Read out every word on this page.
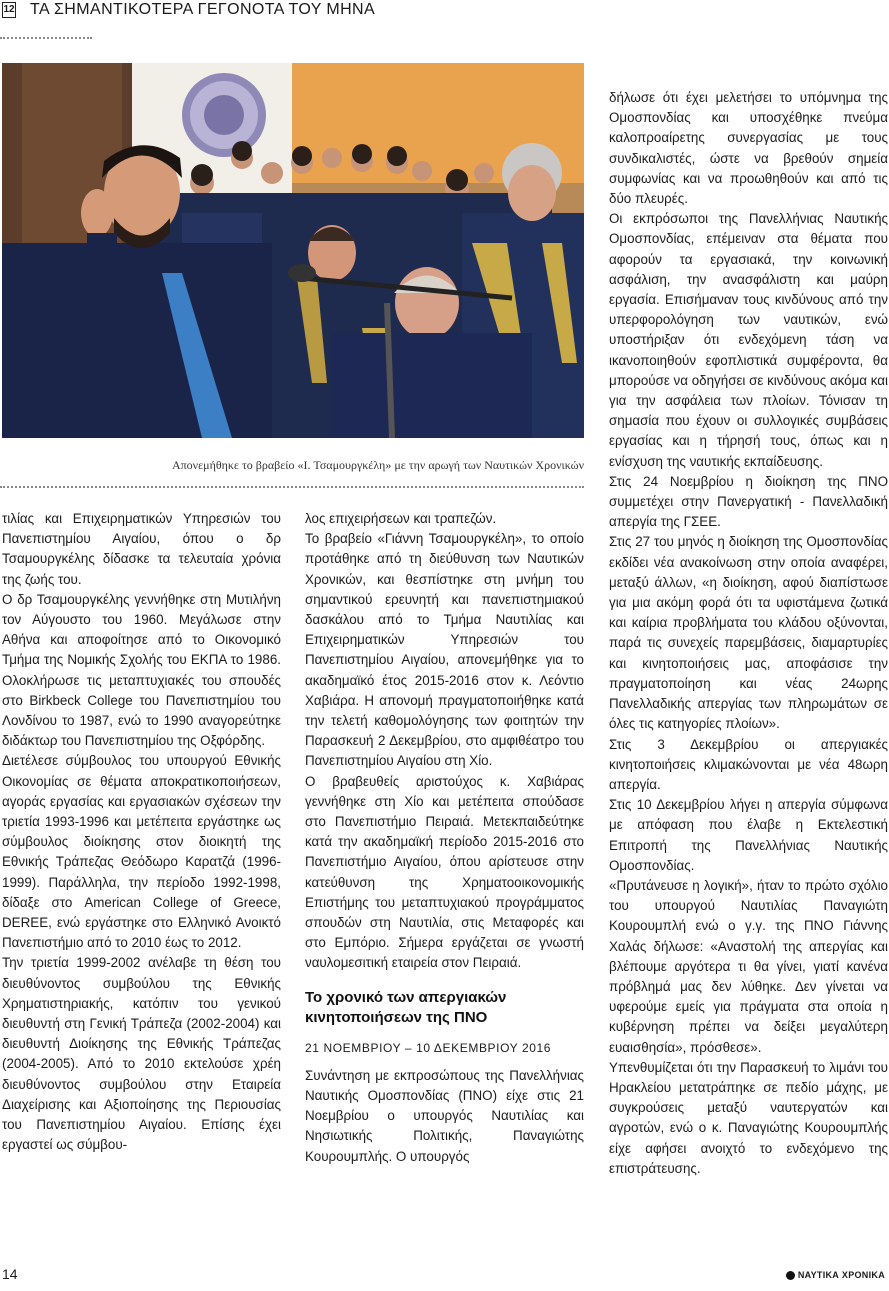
12 ΤΑ ΣΗΜΑΝΤΙΚΟΤΕΡΑ ΓΕΓΟΝΟΤΑ ΤΟΥ ΜΗΝΑ
Απονεμήθηκε το βραβείο «Ι. Τσαμουργκέλη» με την αρωγή των Ναυτικών Χρονικών

τιλίας και Επιχειρηματικών Υπηρεσιών του Πανεπιστημίου Αιγαίου, όπου ο δρ Τσαμουργκέλης δίδασκε τα τελευταία χρόνια της ζωής του.

Ο δρ Τσαμουργκέλης γεννήθηκε στη Μυτιλήνη τον Αύγουστο του 1960. Μεγάλωσε στην Αθήνα και αποφοίτησε από το Οικονομικό Τμήμα της Νομικής Σχολής του ΕΚΠΑ το 1986. Ολοκλήρωσε τις μεταπτυχιακές του σπουδές στο Birkbeck College του Πανεπιστημίου του Λονδίνου το 1987, ενώ το 1990 αναγορεύτηκε διδάκτωρ του Πανεπιστημίου της Οξφόρδης.

Διετέλεσε σύμβουλος του υπουργού Εθνικής Οικονομίας σε θέματα αποκρατικοποιήσεων, αγοράς εργασίας και εργασιακών σχέσεων την τριετία 1993-1996 και μετέπειτα εργάστηκε ως σύμβουλος διοίκησης στον διοικητή της Εθνικής Τράπεζας Θεόδωρο Καρατζά (1996-1999). Παράλληλα, την περίοδο 1992-1998, δίδαξε στο American College of Greece, DEREE, ενώ εργάστηκε στο Ελληνικό Ανοικτό Πανεπιστήμιο από το 2010 έως το 2012.

Την τριετία 1999-2002 ανέλαβε τη θέση του διευθύνοντος συμβούλου της Εθνικής Χρηματιστηριακής, κατόπιν του γενικού διευθυντή στη Γενική Τράπεζα (2002-2004) και διευθυντή Διοίκησης της Εθνικής Τράπεζας (2004-2005). Από το 2010 εκτελούσε χρέη διευθύνοντος συμβούλου στην Εταιρεία Διαχείρισης και Αξιοποίησης της Περιουσίας του Πανεπιστημίου Αιγαίου. Επίσης έχει εργαστεί ως σύμβου-

λος επιχειρήσεων και τραπεζών.

Το βραβείο «Γιάννη Τσαμουργκέλη», το οποίο προτάθηκε από τη διεύθυνση των Ναυτικών Χρονικών, και θεσπίστηκε στη μνήμη του σημαντικού ερευνητή και πανεπιστημιακού δασκάλου από το Τμήμα Ναυτιλίας και Επιχειρηματικών Υπηρεσιών του Πανεπιστημίου Αιγαίου, απονεμήθηκε για το ακαδημαϊκό έτος 2015-2016 στον κ. Λεόντιο Χαβιάρα. Η απονομή πραγματοποιήθηκε κατά την τελετή καθομολόγησης των φοιτητών την Παρασκευή 2 Δεκεμβρίου, στο αμφιθέατρο του Πανεπιστημίου Αιγαίου στη Χίο.

Ο βραβευθείς αριστούχος κ. Χαβιάρας γεννήθηκε στη Χίο και μετέπειτα σπούδασε στο Πανεπιστήμιο Πειραιά. Μετεκπαιδεύτηκε κατά την ακαδημαϊκή περίοδο 2015-2016 στο Πανεπιστήμιο Αιγαίου, όπου αρίστευσε στην κατεύθυνση της Χρηματοοικονομικής Επιστήμης του μεταπτυχιακού προγράμματος σπουδών στη Ναυτιλία, στις Μεταφορές και στο Εμπόριο. Σήμερα εργάζεται σε γνωστή ναυλομεσιτική εταιρεία στον Πειραιά.

Το χρονικό των απεργιακών κινητοποιήσεων της ΠΝΟ
21 ΝΟΕΜΒΡΙΟΥ – 10 ΔΕΚΕΜΒΡΙΟΥ 2016

Συνάντηση με εκπροσώπους της Πανελλήνιας Ναυτικής Ομοσπονδίας (ΠΝΟ) είχε στις 21 Νοεμβρίου ο υπουργός Ναυτιλίας και Νησιωτικής Πολιτικής, Παναγιώτης Κουρουμπλής. Ο υπουργός

δήλωσε ότι έχει μελετήσει το υπόμνημα της Ομοσπονδίας και υποσχέθηκε πνεύμα καλοπροαίρετης συνεργασίας με τους συνδικαλιστές, ώστε να βρεθούν σημεία συμφωνίας και να προωθηθούν και από τις δύο πλευρές.

Οι εκπρόσωποι της Πανελλήνιας Ναυτικής Ομοσπονδίας, επέμειναν στα θέματα που αφορούν τα εργασιακά, την κοινωνική ασφάλιση, την ανασφάλιστη και μαύρη εργασία. Επισήμαναν τους κινδύνους από την υπερφορολόγηση των ναυτικών, ενώ υποστήριξαν ότι ενδεχόμενη τάση να ικανοποιηθούν εφοπλιστικά συμφέροντα, θα μπορούσε να οδηγήσει σε κινδύνους ακόμα και για την ασφάλεια των πλοίων. Τόνισαν τη σημασία που έχουν οι συλλογικές συμβάσεις εργασίας και η τήρησή τους, όπως και η ενίσχυση της ναυτικής εκπαίδευσης.

Στις 24 Νοεμβρίου η διοίκηση της ΠΝΟ συμμετέχει στην Πανεργατική - Πανελλαδική απεργία της ΓΣΕΕ.

Στις 27 του μηνός η διοίκηση της Ομοσπονδίας εκδίδει νέα ανακοίνωση στην οποία αναφέρει, μεταξύ άλλων, «η διοίκηση, αφού διαπίστωσε για μια ακόμη φορά ότι τα υφιστάμενα ζωτικά και καίρια προβλήματα του κλάδου οξύνονται, παρά τις συνεχείς παρεμβάσεις, διαμαρτυρίες και κινητοποιήσεις μας, αποφάσισε την πραγματοποίηση και νέας 24ωρης Πανελλαδικής απεργίας των πληρωμάτων σε όλες τις κατηγορίες πλοίων».

Στις 3 Δεκεμβρίου οι απεργιακές κινητοποιήσεις κλιμακώνονται με νέα 48ωρη απεργία.

Στις 10 Δεκεμβρίου λήγει η απεργία σύμφωνα με απόφαση που έλαβε η Εκτελεστική Επιτροπή της Πανελλήνιας Ναυτικής Ομοσπονδίας.

«Πρυτάνευσε η λογική», ήταν το πρώτο σχόλιο του υπουργού Ναυτιλίας Παναγιώτη Κουρουμπλή ενώ ο γ.γ. της ΠΝΟ Γιάννης Χαλάς δήλωσε: «Αναστολή της απεργίας και βλέπουμε αργότερα τι θα γίνει, γιατί κανένα πρόβλημά μας δεν λύθηκε. Δεν γίνεται να υφερούμε εμείς για πράγματα στα οποία η κυβέρνηση πρέπει να δείξει μεγαλύτερη ευαισθησία», πρόσθεσε».

Υπενθυμίζεται ότι την Παρασκευή το λιμάνι του Ηρακλείου μετατράπηκε σε πεδίο μάχης, με συγκρούσεις μεταξύ ναυτεργατών και αγροτών, ενώ ο κ. Παναγιώτης Κουρουμπλής είχε αφήσει ανοιχτό το ενδεχόμενο της επιστράτευσης.

14	ΝΑΥΤΙΚΑ ΧΡΟΝΙΚΑ
